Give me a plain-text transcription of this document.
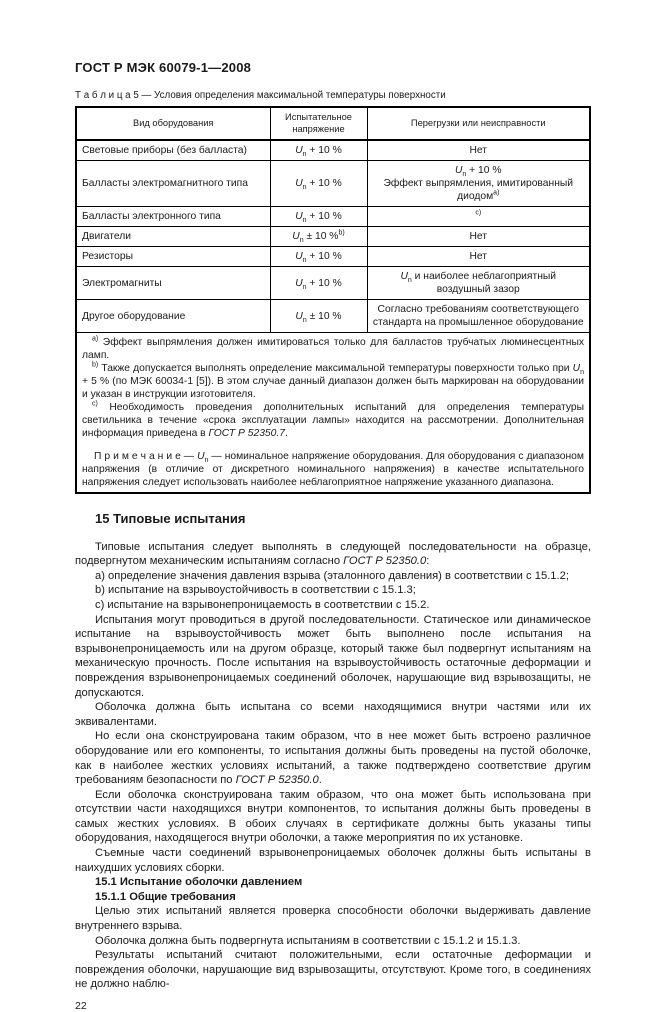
ГОСТ Р МЭК 60079-1—2008
Т а б л и ц а 5 — Условия определения максимальной температуры поверхности
Вид оборудования	Испытательное напряжение	Перегрузки или неисправности
Световые приборы (без балласта)	$U_n + 10$ %	Нет
Балласты электромагнитного типа	$U_n + 10$ %	$U_n + 10$ %
Эффект выпрямления, имитированный диодом$^{a)}$

Балласты электронного типа	$U_n + 10$ %	$^{c)}$
Двигатели	$U_n \pm 10$ %$^{b)}$	Нет
Резисторы	$U_n + 10$ %	Нет
Электромагниты	$U_n + 10$ %	$U_n$ и наиболее неблагоприятный воздушный зазор
Другое оборудование	$U_n \pm 10$ %	Согласно требованиям соответствующего стандарта на промышленное оборудование

$^{a)}$ Эффект выпрямления должен имитироваться только для балластов трубчатых люминесцентных ламп.
$^{b)}$ Также допускается выполнять определение максимальной температуры поверхности только при $U_n + 5$ % (по МЭК 60034-1 [5]). В этом случае данный диапазон должен быть маркирован на оборудовании и указан в инструкции изготовителя.
$^{c)}$ Необходимость проведения дополнительных испытаний для определения температуры светильника в течение «срока эксплуатации лампы» находится на рассмотрении. Дополнительная информация приведена в ГОСТ Р 52350.7.
П р и м е ч а н и е — $U_n$ — номинальное напряжение оборудования. Для оборудования с диапазоном напряжения (в отличие от дискретного номинального напряжения) в качестве испытательного напряжения следует использовать наиболее неблагоприятное напряжение указанного диапазона.		
15 Типовые испытания

Типовые испытания следует выполнять в следующей последовательности на образце, подвергнутом механическим испытаниям согласно ГОСТ Р 52350.0:

a) определение значения давления взрыва (эталонного давления) в соответствии с 15.1.2;

b) испытание на взрывоустойчивость в соответствии с 15.1.3;

c) испытание на взрывонепроницаемость в соответствии с 15.2.

Испытания могут проводиться в другой последовательности. Статическое или динамическое испытание на взрывоустойчивость может быть выполнено после испытания на взрывонепроницаемость или на другом образце, который также был подвергнут испытаниям на механическую прочность. После испытания на взрывоустойчивость остаточные деформации и повреждения взрывонепроницаемых соединений оболочек, нарушающие вид взрывозащиты, не допускаются.

Оболочка должна быть испытана со всеми находящимися внутри частями или их эквивалентами.

Но если она сконструирована таким образом, что в нее может быть встроено различное оборудование или его компоненты, то испытания должны быть проведены на пустой оболочке, как в наиболее жестких условиях испытаний, а также подтверждено соответствие другим требованиям безопасности по ГОСТ Р 52350.0.

Если оболочка сконструирована таким образом, что она может быть использована при отсутствии части находящихся внутри компонентов, то испытания должны быть проведены в самых жестких условиях. В обоих случаях в сертификате должны быть указаны типы оборудования, находящегося внутри оболочки, а также мероприятия по их установке.

Съемные части соединений взрывонепроницаемых оболочек должны быть испытаны в наихудших условиях сборки.

15.1 Испытание оболочки давлением

15.1.1 Общие требования

Целью этих испытаний является проверка способности оболочки выдерживать давление внутреннего взрыва.

Оболочка должна быть подвергнута испытаниям в соответствии с 15.1.2 и 15.1.3.

Результаты испытаний считают положительными, если остаточные деформации и повреждения оболочки, нарушающие вид взрывозащиты, отсутствуют. Кроме того, в соединениях не должно наблю-

22
